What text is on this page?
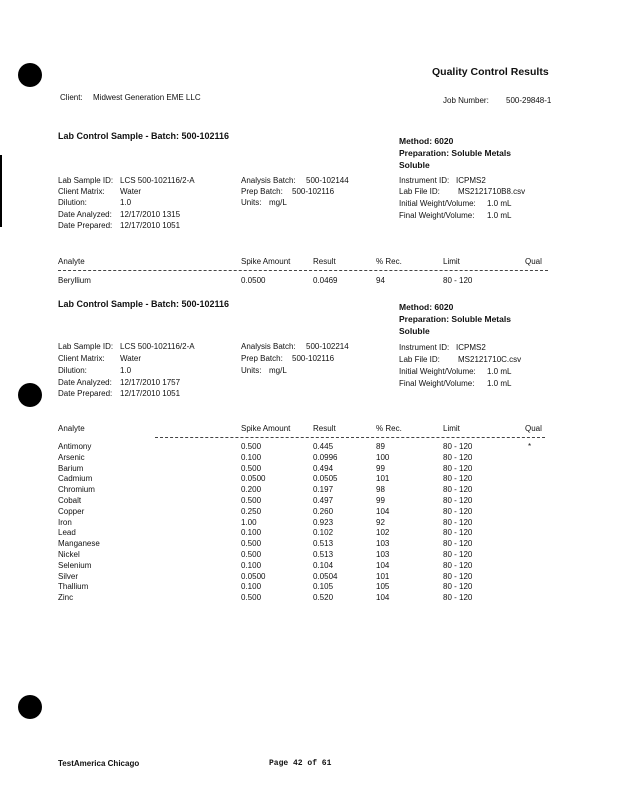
Quality Control Results
Client: Midwest Generation EME LLC	Job Number: 500-29848-1
Lab Control Sample - Batch: 500-102116	Method: 6020
Preparation: Soluble Metals
Soluble
Lab Sample ID: LCS 500-102116/2-A
Client Matrix: Water
Dilution:	1.0
Date Analyzed: 12/17/2010 1315
Date Prepared: 12/17/2010 1051
Analysis Batch: 500-102144
Prep Batch: 500-102116
Units: mg/L
Instrument ID: ICPMS2
Lab File ID: MS2121710B8.csv
Initial Weight/Volume: 1.0 mL
Final Weight/Volume: 1.0 mL
Analyte	Spike Amount	Result	% Rec.	Limit	Qual
Beryllium	0.0500	0.0469	94	80 - 120
Lab Control Sample - Batch: 500-102116	Method: 6020
Preparation: Soluble Metals
Soluble
Lab Sample ID: LCS 500-102116/2-A
Client Matrix: Water
Dilution:	1.0
Date Analyzed: 12/17/2010 1757
Date Prepared: 12/17/2010 1051
Analysis Batch: 500-102214
Prep Batch: 500-102116
Units: mg/L
Instrument ID: ICPMS2
Lab File ID: MS2121710C.csv
Initial Weight/Volume: 1.0 mL
Final Weight/Volume: 1.0 mL
Analyte	Spike Amount	Result	% Rec.	Limit	Qual
Antimony	0.500	0.445	89	80 - 120	*
Arsenic	0.100	0.0996	100	80 - 120
Barium	0.500	0.494	99	80 - 120
Cadmium	0.0500	0.0505	101	80 - 120
Chromium	0.200	0.197	98	80 - 120
Cobalt	0.500	0.497	99	80 - 120
Copper	0.250	0.260	104	80 - 120
Iron	1.00	0.923	92	80 - 120
Lead	0.100	0.102	102	80 - 120
Manganese	0.500	0.513	103	80 - 120
Nickel	0.500	0.513	103	80 - 120
Selenium	0.100	0.104	104	80 - 120
Silver	0.0500	0.0504	101	80 - 120
Thallium	0.100	0.105	105	80 - 120
Zinc	0.500	0.520	104	80 - 120
TestAmerica Chicago	Page 42 of 61
